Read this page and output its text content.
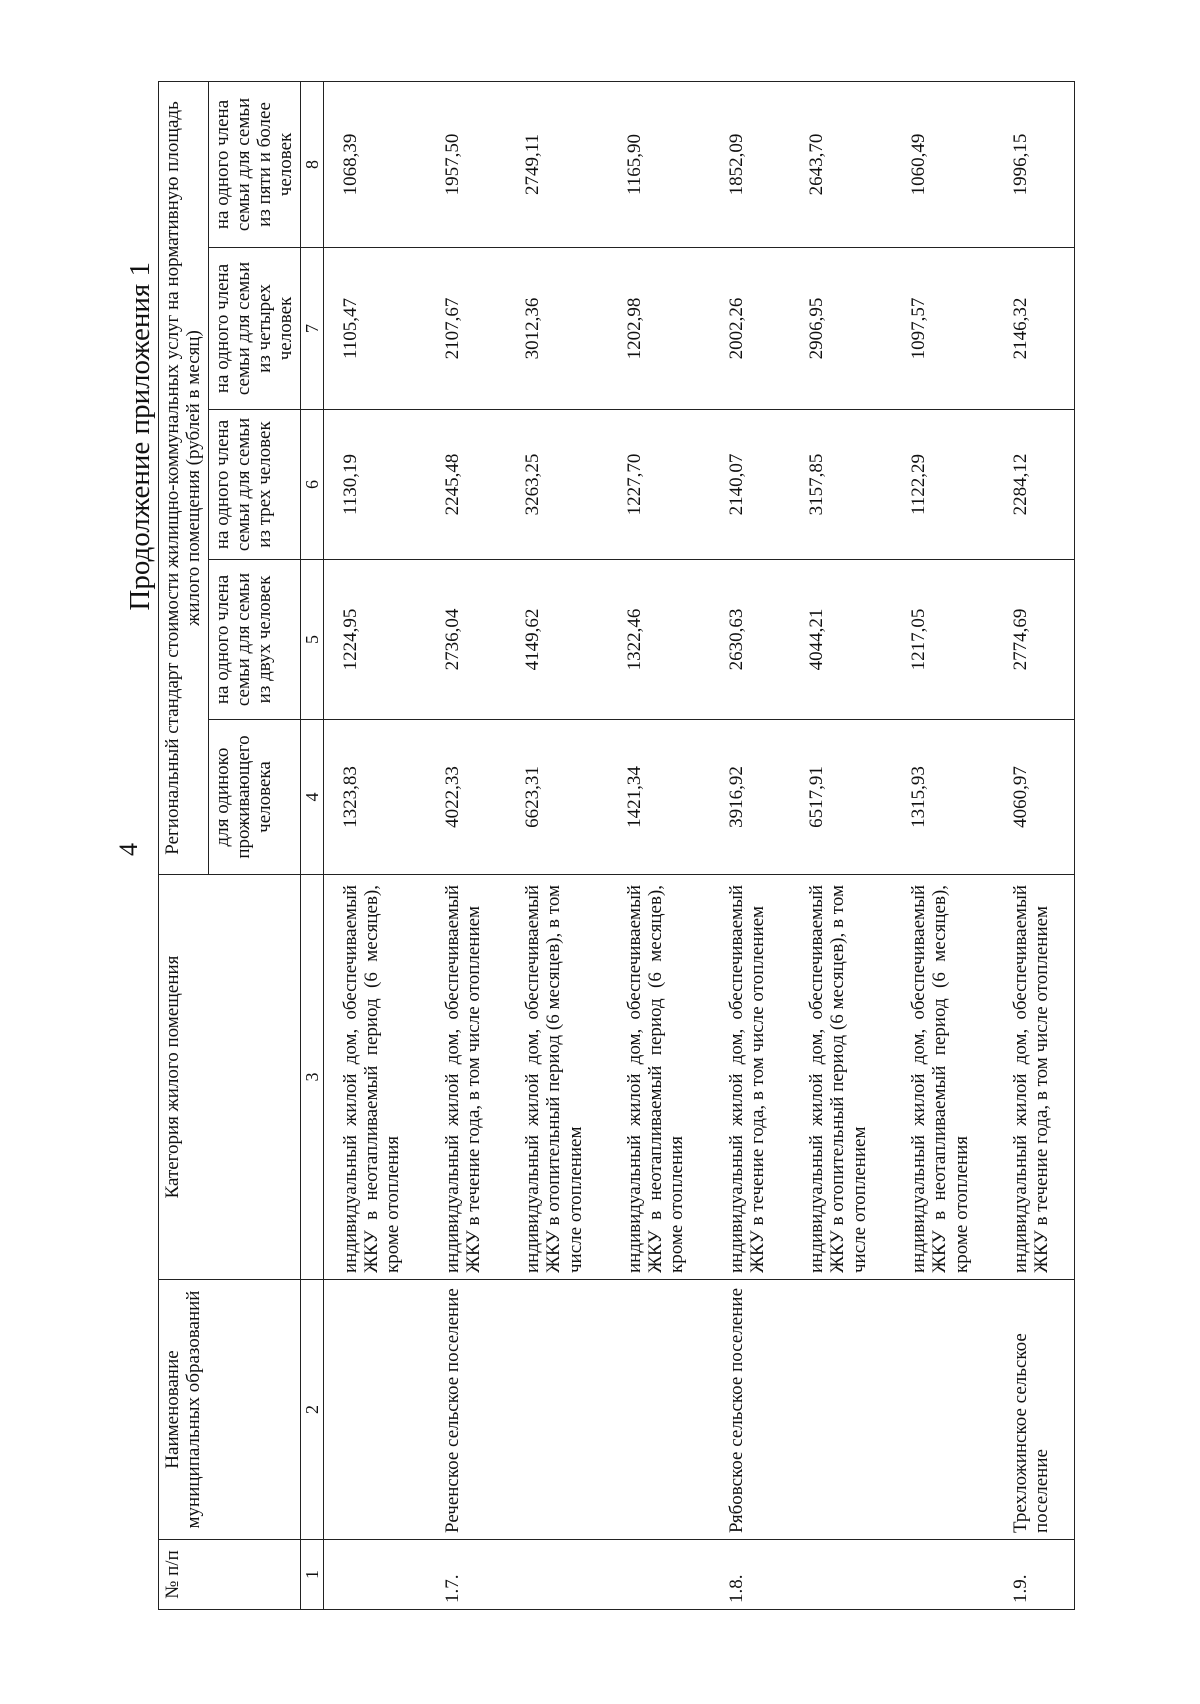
4
Продолжение приложения 1
№ п/п	Наименование муниципальных образований	Категория жилого помещения	Региональный стандарт стоимости жилищно-коммунальных услуг на нормативную площадь жилого помещения (рублей в месяц)				
			для одиноко проживающего человека	на одного члена семьи для семьи из двух человек	на одного члена семьи для семьи из трех человек	на одного члена семьи для семьи из четырех человек	на одного члена семьи для семьи из пяти и более человек
1	2	3	4	5	6	7	8
		индивидуальный жилой дом, обеспечиваемый ЖКУ в неотапливаемый период (6 месяцев), кроме отопления	1323,83	1224,95	1130,19	1105,47	1068,39
1.7.	Реченское сельское поселение	индивидуальный жилой дом, обеспечиваемый ЖКУ в течение года, в том числе отоплением	4022,33	2736,04	2245,48	2107,67	1957,50
		индивидуальный жилой дом, обеспечиваемый ЖКУ в отопительный период (6 месяцев), в том числе отоплением	6623,31	4149,62	3263,25	3012,36	2749,11
		индивидуальный жилой дом, обеспечиваемый ЖКУ в неотапливаемый период (6 месяцев), кроме отопления	1421,34	1322,46	1227,70	1202,98	1165,90
1.8.	Рябовское сельское поселение	индивидуальный жилой дом, обеспечиваемый ЖКУ в течение года, в том числе отоплением	3916,92	2630,63	2140,07	2002,26	1852,09
		индивидуальный жилой дом, обеспечиваемый ЖКУ в отопительный период (6 месяцев), в том числе отоплением	6517,91	4044,21	3157,85	2906,95	2643,70
		индивидуальный жилой дом, обеспечиваемый ЖКУ в неотапливаемый период (6 месяцев), кроме отопления	1315,93	1217,05	1122,29	1097,57	1060,49
1.9.	Трехложинское сельское поселение	индивидуальный жилой дом, обеспечиваемый ЖКУ в течение года, в том числе отоплением	4060,97	2774,69	2284,12	2146,32	1996,15
